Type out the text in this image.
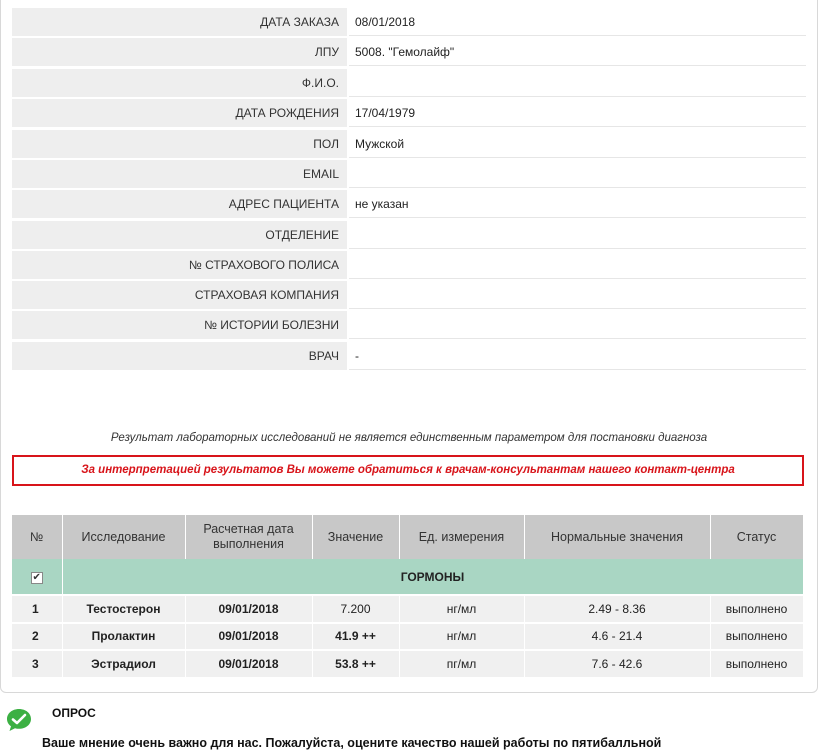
ДАТА ЗАКАЗА	08/01/2018
ЛПУ	5008. "Гемолайф"
Ф.И.О.
ДАТА РОЖДЕНИЯ	17/04/1979
ПОЛ	Мужской
EMAIL
АДРЕС ПАЦИЕНТА	не указан
ОТДЕЛЕНИЕ
№ СТРАХОВОГО ПОЛИСА
СТРАХОВАЯ КОМПАНИЯ
№ ИСТОРИИ БОЛЕЗНИ
ВРАЧ	-
Результат лабораторных исследований не является единственным параметром для постановки диагноза
За интерпретацией результатов Вы можете обратиться к врачам-консультантам нашего контакт-центра
№	Исследование	Расчетная дата выполнения	Значение	Ед. измерения	Нормальные значения	Статус
✔	ГОРМОНЫ					
1	Тестостерон	09/01/2018	7.200	нг/мл	2.49 - 8.36	выполнено
2	Пролактин	09/01/2018	41.9 ++	нг/мл	4.6 - 21.4	выполнено
3	Эстрадиол	09/01/2018	53.8 ++	пг/мл	7.6 - 42.6	выполнено
ОПРОС
Ваше мнение очень важно для нас. Пожалуйста, оцените качество нашей работы по пятибалльной
